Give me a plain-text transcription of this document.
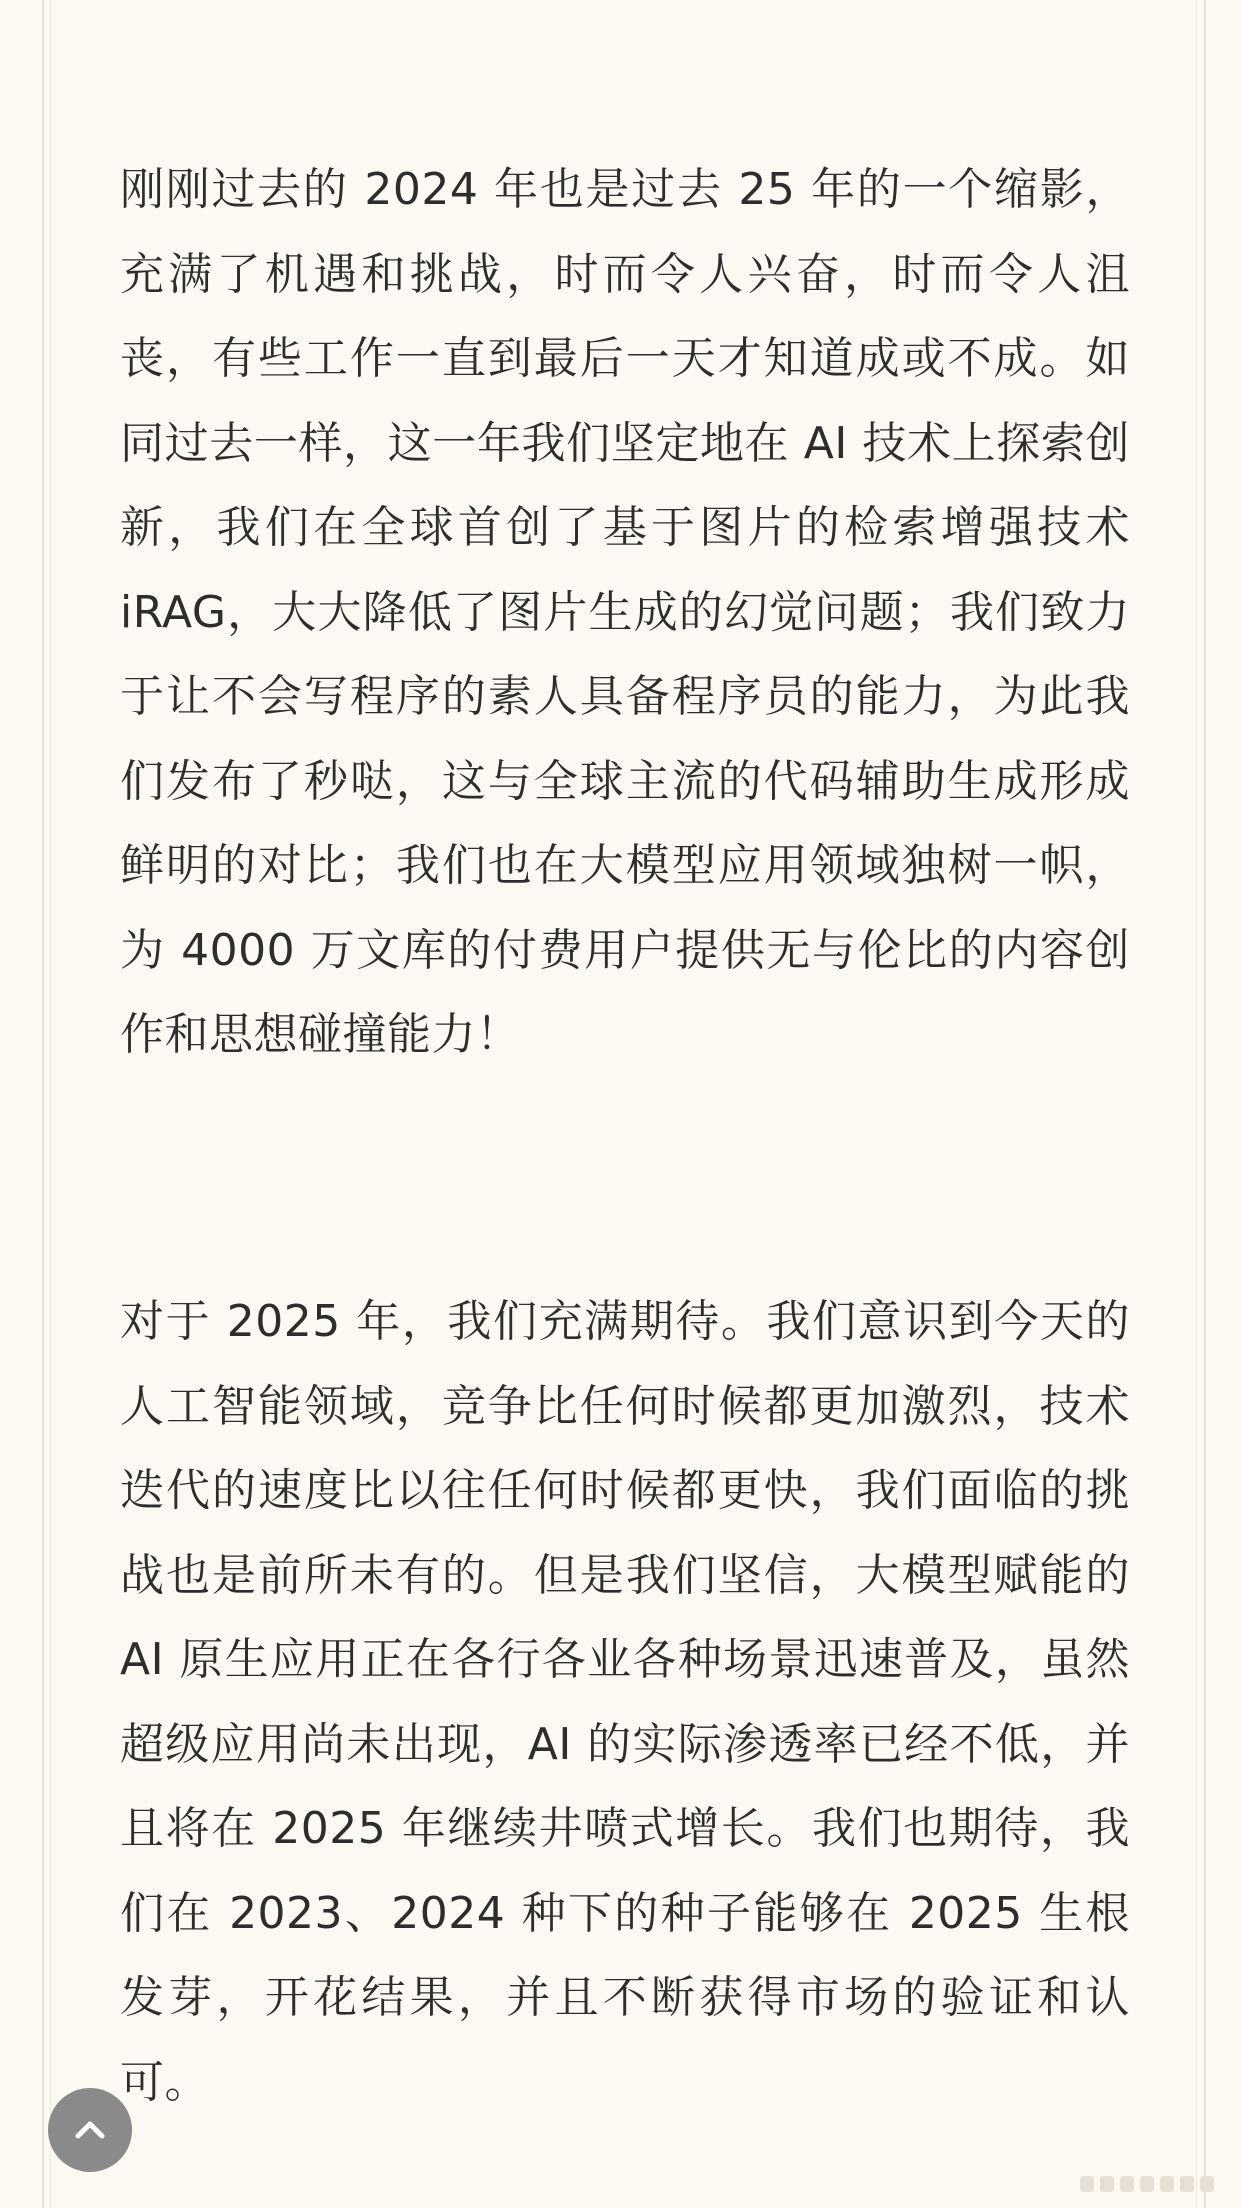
刚刚过去的 2024 年也是过去 25 年的一个缩影，充满了机遇和挑战，时而令人兴奋，时而令人沮丧，有些工作一直到最后一天才知道成或不成。如同过去一样，这一年我们坚定地在 AI 技术上探索创新，我们在全球首创了基于图片的检索增强技术 iRAG，大大降低了图片生成的幻觉问题；我们致力于让不会写程序的素人具备程序员的能力，为此我们发布了秒哒，这与全球主流的代码辅助生成形成鲜明的对比；我们也在大模型应用领域独树一帜，为 4000 万文库的付费用户提供无与伦比的内容创作和思想碰撞能力！

对于 2025 年，我们充满期待。我们意识到今天的人工智能领域，竞争比任何时候都更加激烈，技术迭代的速度比以往任何时候都更快，我们面临的挑战也是前所未有的。但是我们坚信，大模型赋能的 AI 原生应用正在各行各业各种场景迅速普及，虽然超级应用尚未出现，AI 的实际渗透率已经不低，并且将在 2025 年继续井喷式增长。我们也期待，我们在 2023、2024 种下的种子能够在 2025 生根发芽，开花结果，并且不断获得市场的验证和认可。
